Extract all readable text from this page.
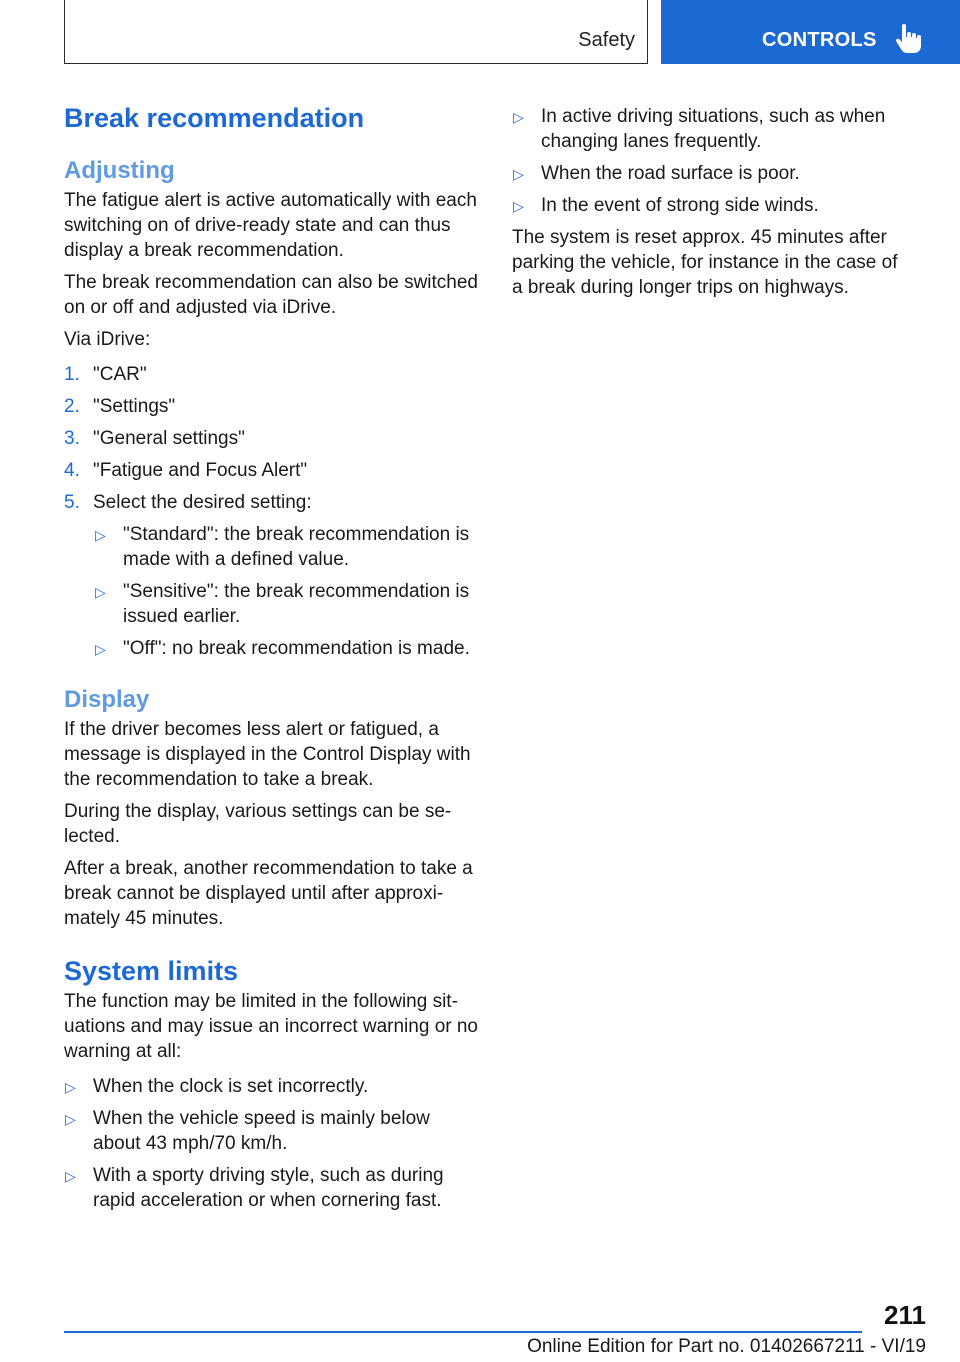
Safety	CONTROLS
Break recommendation
Adjusting

The fatigue alert is active automatically with each switching on of drive-ready state and can thus display a break recommendation.

The break recommendation can also be switched on or off and adjusted via iDrive.

Via iDrive:

1. "CAR"
2. "Settings"
3. "General settings"
4. "Fatigue and Focus Alert"
5. Select the desired setting:
▷ "Standard": the break recommendation is made with a defined value.
▷ "Sensitive": the break recommendation is issued earlier.
▷ "Off": no break recommendation is made.
Display

If the driver becomes less alert or fatigued, a message is displayed in the Control Display with the recommendation to take a break.

During the display, various settings can be se‐ lected.

After a break, another recommendation to take a break cannot be displayed until after approxi‐ mately 45 minutes.

System limits

The function may be limited in the following sit‐ uations and may issue an incorrect warning or no warning at all:

▷ When the clock is set incorrectly.
▷ When the vehicle speed is mainly below about 43 mph/70 km/h.
▷ With a sporty driving style, such as during rapid acceleration or when cornering fast.
▷ In active driving situations, such as when changing lanes frequently.
▷ When the road surface is poor.
▷ In the event of strong side winds.

The system is reset approx. 45 minutes after parking the vehicle, for instance in the case of a break during longer trips on highways.

211
Online Edition for Part no. 01402667211 - VI/19
